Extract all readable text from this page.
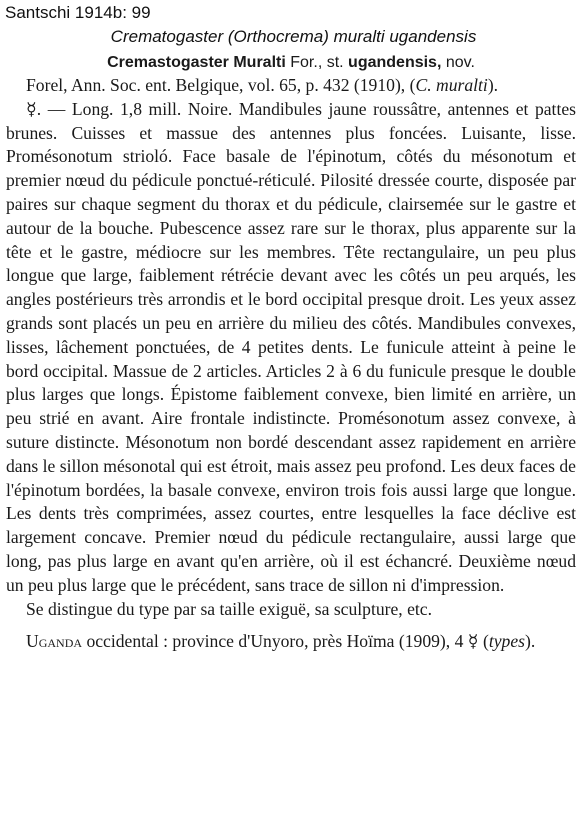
Santschi 1914b: 99

Crematogaster (Orthocrema) muralti ugandensis

Cremastogaster Muralti For., st. ugandensis, nov.

Forel, Ann. Soc. ent. Belgique, vol. 65, p. 432 (1910), (C. muralti).

☿. — Long. 1,8 mill. Noire. Mandibules jaune roussâtre, antennes et pattes brunes. Cuisses et massue des antennes plus foncées. Luisante, lisse. Promésonotum strioló. Face basale de l'épinotum, côtés du mésonotum et premier nœud du pédicule ponctué-réticulé. Pilosité dressée courte, disposée par paires sur chaque segment du thorax et du pédicule, clairsemée sur le gastre et autour de la bouche. Pubescence assez rare sur le thorax, plus apparente sur la tête et le gastre, médiocre sur les membres. Tête rectangulaire, un peu plus longue que large, faiblement rétrécie devant avec les côtés un peu arqués, les angles postérieurs très arrondis et le bord occipital presque droit. Les yeux assez grands sont placés un peu en arrière du milieu des côtés. Mandibules convexes, lisses, lâchement ponctuées, de 4 petites dents. Le funicule atteint à peine le bord occipital. Massue de 2 articles. Articles 2 à 6 du funicule presque le double plus larges que longs. Épistome faiblement convexe, bien limité en arrière, un peu strié en avant. Aire frontale indistincte. Promésonotum assez convexe, à suture distincte. Mésonotum non bordé descendant assez rapidement en arrière dans le sillon mésonotal qui est étroit, mais assez peu profond. Les deux faces de l'épinotum bordées, la basale convexe, environ trois fois aussi large que longue. Les dents très comprimées, assez courtes, entre lesquelles la face déclive est largement concave. Premier nœud du pédicule rectangulaire, aussi large que long, pas plus large en avant qu'en arrière, où il est échancré. Deuxième nœud un peu plus large que le précédent, sans trace de sillon ni d'impression.

Se distingue du type par sa taille exiguë, sa sculpture, etc.

Uganda occidental : province d'Unyoro, près Hoïma (1909), 4 ☿ (types).
